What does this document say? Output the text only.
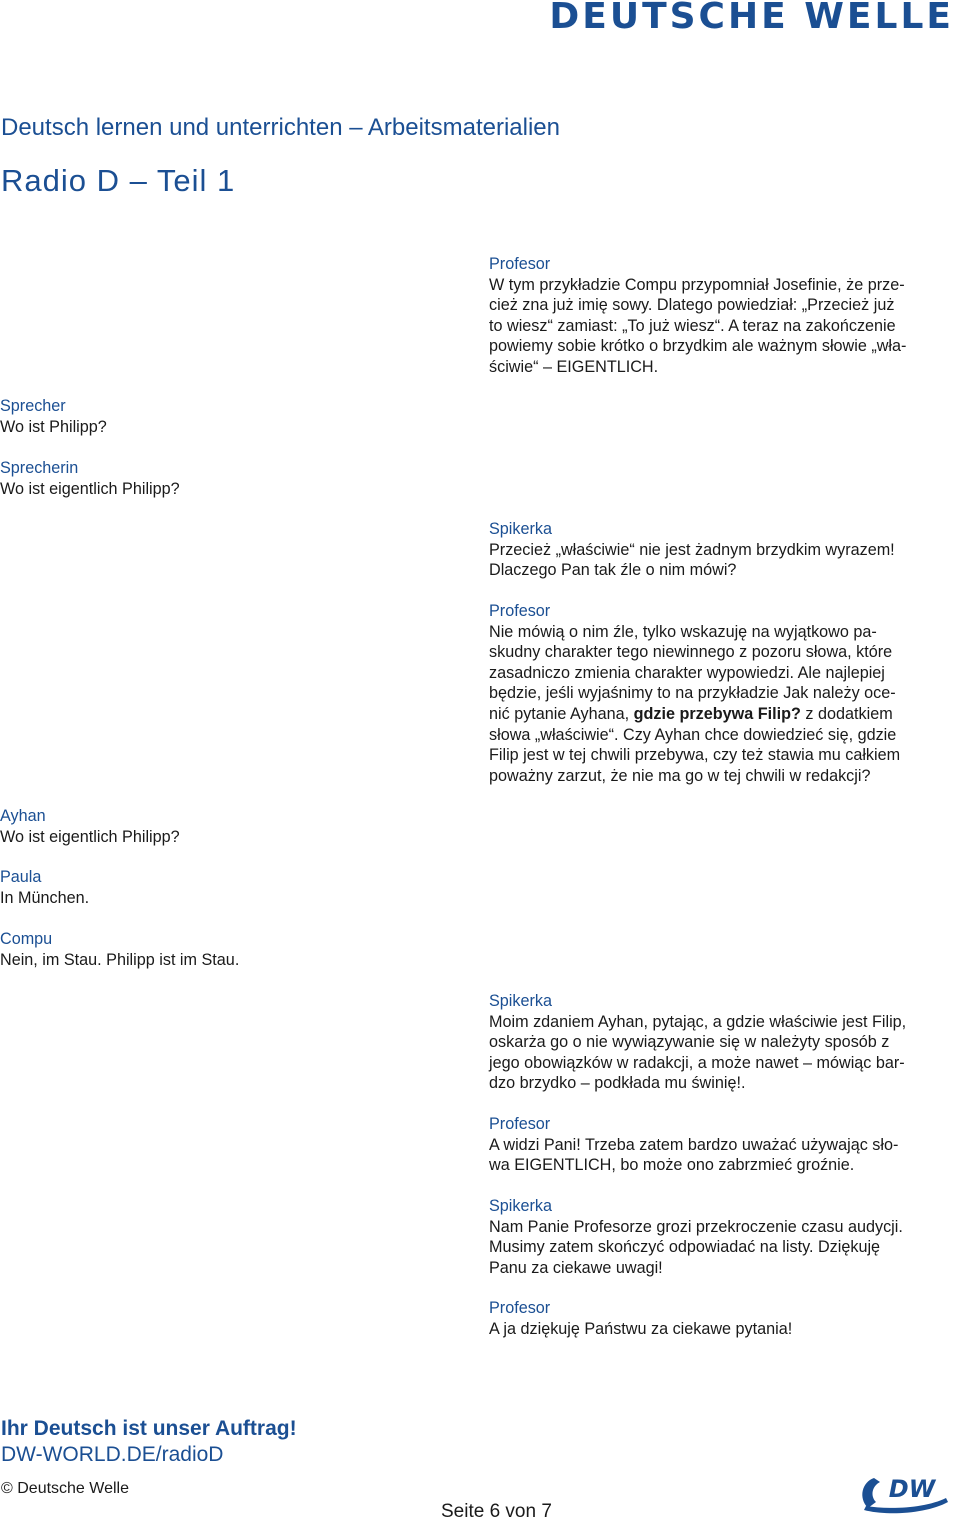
DEUTSCHE WELLE
Deutsch lernen und unterrichten – Arbeitsmaterialien
Radio D – Teil 1
Sprecher
Wo ist Philipp?
Sprecherin
Wo ist eigentlich Philipp?
Ayhan
Wo ist eigentlich Philipp?
Paula
In München.
Compu
Nein, im Stau. Philipp ist im Stau.
Profesor
W tym przykładzie Compu przypomniał Josefinie, że prze-
cież zna już imię sowy. Dlatego powiedział: „Przecież już
to wiesz“ zamiast: „To już wiesz“. A teraz na zakończenie
powiemy sobie krótko o brzydkim ale ważnym słowie „wła-
ściwie“ – EIGENTLICH.
Spikerka
Przecież „właściwie“ nie jest żadnym brzydkim wyrazem!
Dlaczego Pan tak źle o nim mówi?
Profesor
Nie mówią o nim źle, tylko wskazuję na wyjątkowo pa-
skudny charakter tego niewinnego z pozoru słowa, które
zasadniczo zmienia charakter wypowiedzi. Ale najlepiej
będzie, jeśli wyjaśnimy to na przykładzie Jak należy oce-
nić pytanie Ayhana, gdzie przebywa Filip? z dodatkiem
słowa „właściwie“. Czy Ayhan chce dowiedzieć się, gdzie
Filip jest w tej chwili przebywa, czy też stawia mu całkiem
poważny zarzut, że nie ma go w tej chwili w redakcji?
Spikerka
Moim zdaniem Ayhan, pytając, a gdzie właściwie jest Filip,
oskarża go o nie wywiązywanie się w należyty sposób z
jego obowiązków w radakcji, a może nawet – mówiąc bar-
dzo brzydko – podkłada mu świnię!.
Profesor
A widzi Pani! Trzeba zatem bardzo uważać używając sło-
wa EIGENTLICH, bo może ono zabrzmieć groźnie.
Spikerka
Nam Panie Profesorze grozi przekroczenie czasu audycji.
Musimy zatem skończyć odpowiadać na listy. Dziękuję
Panu za ciekawe uwagi!
Profesor
A ja dziękuję Państwu za ciekawe pytania!
Ihr Deutsch ist unser Auftrag!
DW-WORLD.DE/radioD
© Deutsche Welle
Seite 6 von 7
DW
